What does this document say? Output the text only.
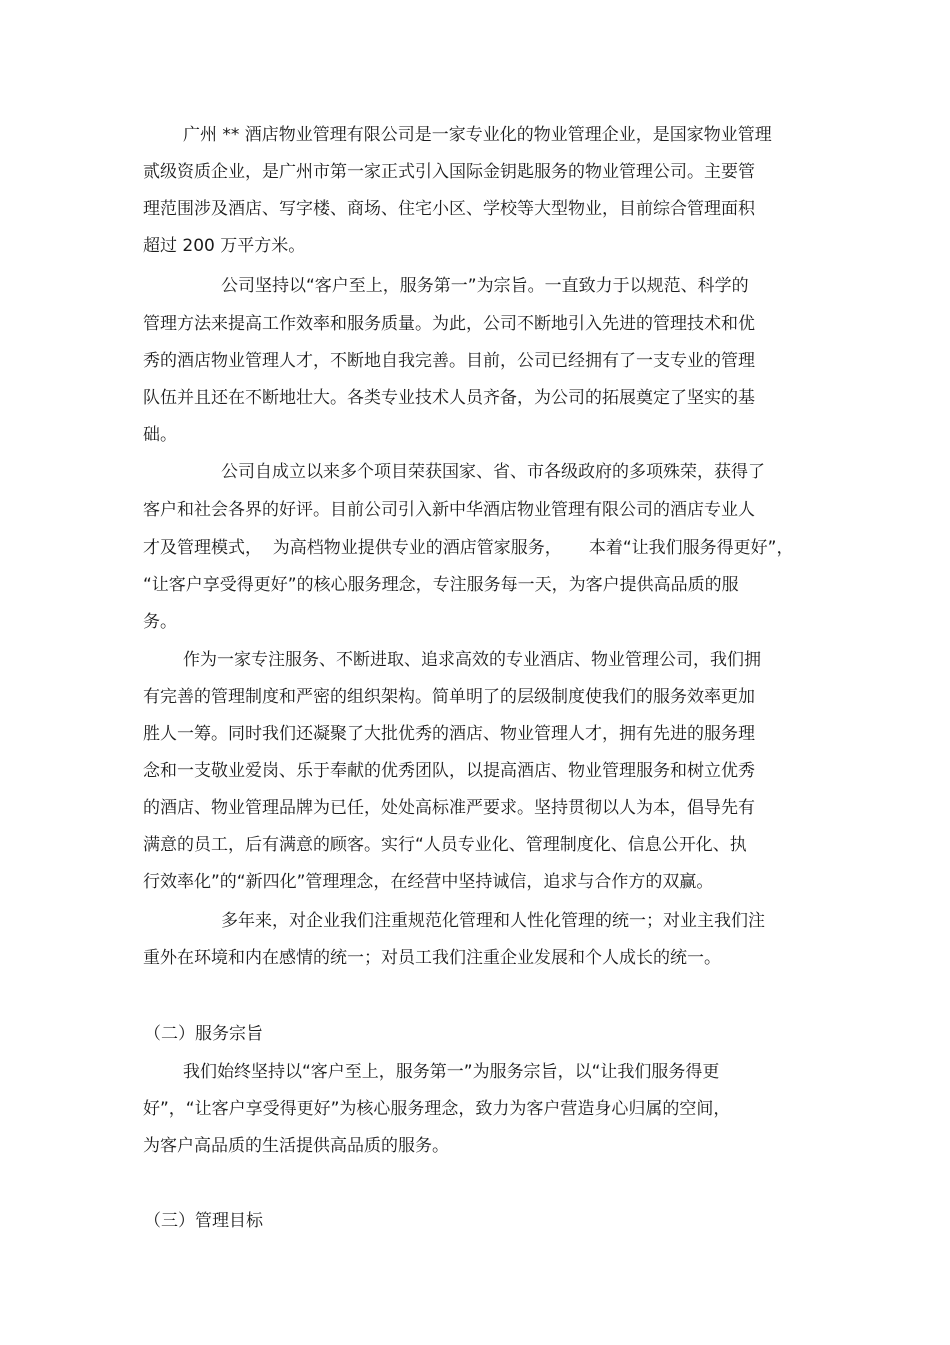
广州 ** 酒店物业管理有限公司是一家专业化的物业管理企业，是国家物业管理
贰级资质企业，是广州市第一家正式引入国际金钥匙服务的物业管理公司。主要管
理范围涉及酒店、写字楼、商场、住宅小区、学校等大型物业，目前综合管理面积
超过 200 万平方米。
公司坚持以“客户至上，服务第一”为宗旨。一直致力于以规范、科学的
管理方法来提高工作效率和服务质量。为此，公司不断地引入先进的管理技术和优
秀的酒店物业管理人才，不断地自我完善。目前，公司已经拥有了一支专业的管理
队伍并且还在不断地壮大。各类专业技术人员齐备，为公司的拓展奠定了坚实的基
础。
公司自成立以来多个项目荣获国家、省、市各级政府的多项殊荣，获得了
客户和社会各界的好评。目前公司引入新中华酒店物业管理有限公司的酒店专业人
才及管理模式，  为高档物业提供专业的酒店管家服务，     本着“让我们服务得更好”，
“让客户享受得更好”的核心服务理念，专注服务每一天，为客户提供高品质的服
务。
作为一家专注服务、不断进取、追求高效的专业酒店、物业管理公司，我们拥
有完善的管理制度和严密的组织架构。简单明了的层级制度使我们的服务效率更加
胜人一筹。同时我们还凝聚了大批优秀的酒店、物业管理人才，拥有先进的服务理
念和一支敬业爱岗、乐于奉献的优秀团队，以提高酒店、物业管理服务和树立优秀
的酒店、物业管理品牌为已任，处处高标准严要求。坚持贯彻以人为本，倡导先有
满意的员工，后有满意的顾客。实行“人员专业化、管理制度化、信息公开化、执
行效率化”的“新四化”管理理念，在经营中坚持诚信，追求与合作方的双赢。
多年来，对企业我们注重规范化管理和人性化管理的统一；对业主我们注
重外在环境和内在感情的统一；对员工我们注重企业发展和个人成长的统一。
（二）服务宗旨
我们始终坚持以“客户至上，服务第一”为服务宗旨，以“让我们服务得更
好”，“让客户享受得更好”为核心服务理念，致力为客户营造身心归属的空间，
为客户高品质的生活提供高品质的服务。
（三）管理目标
